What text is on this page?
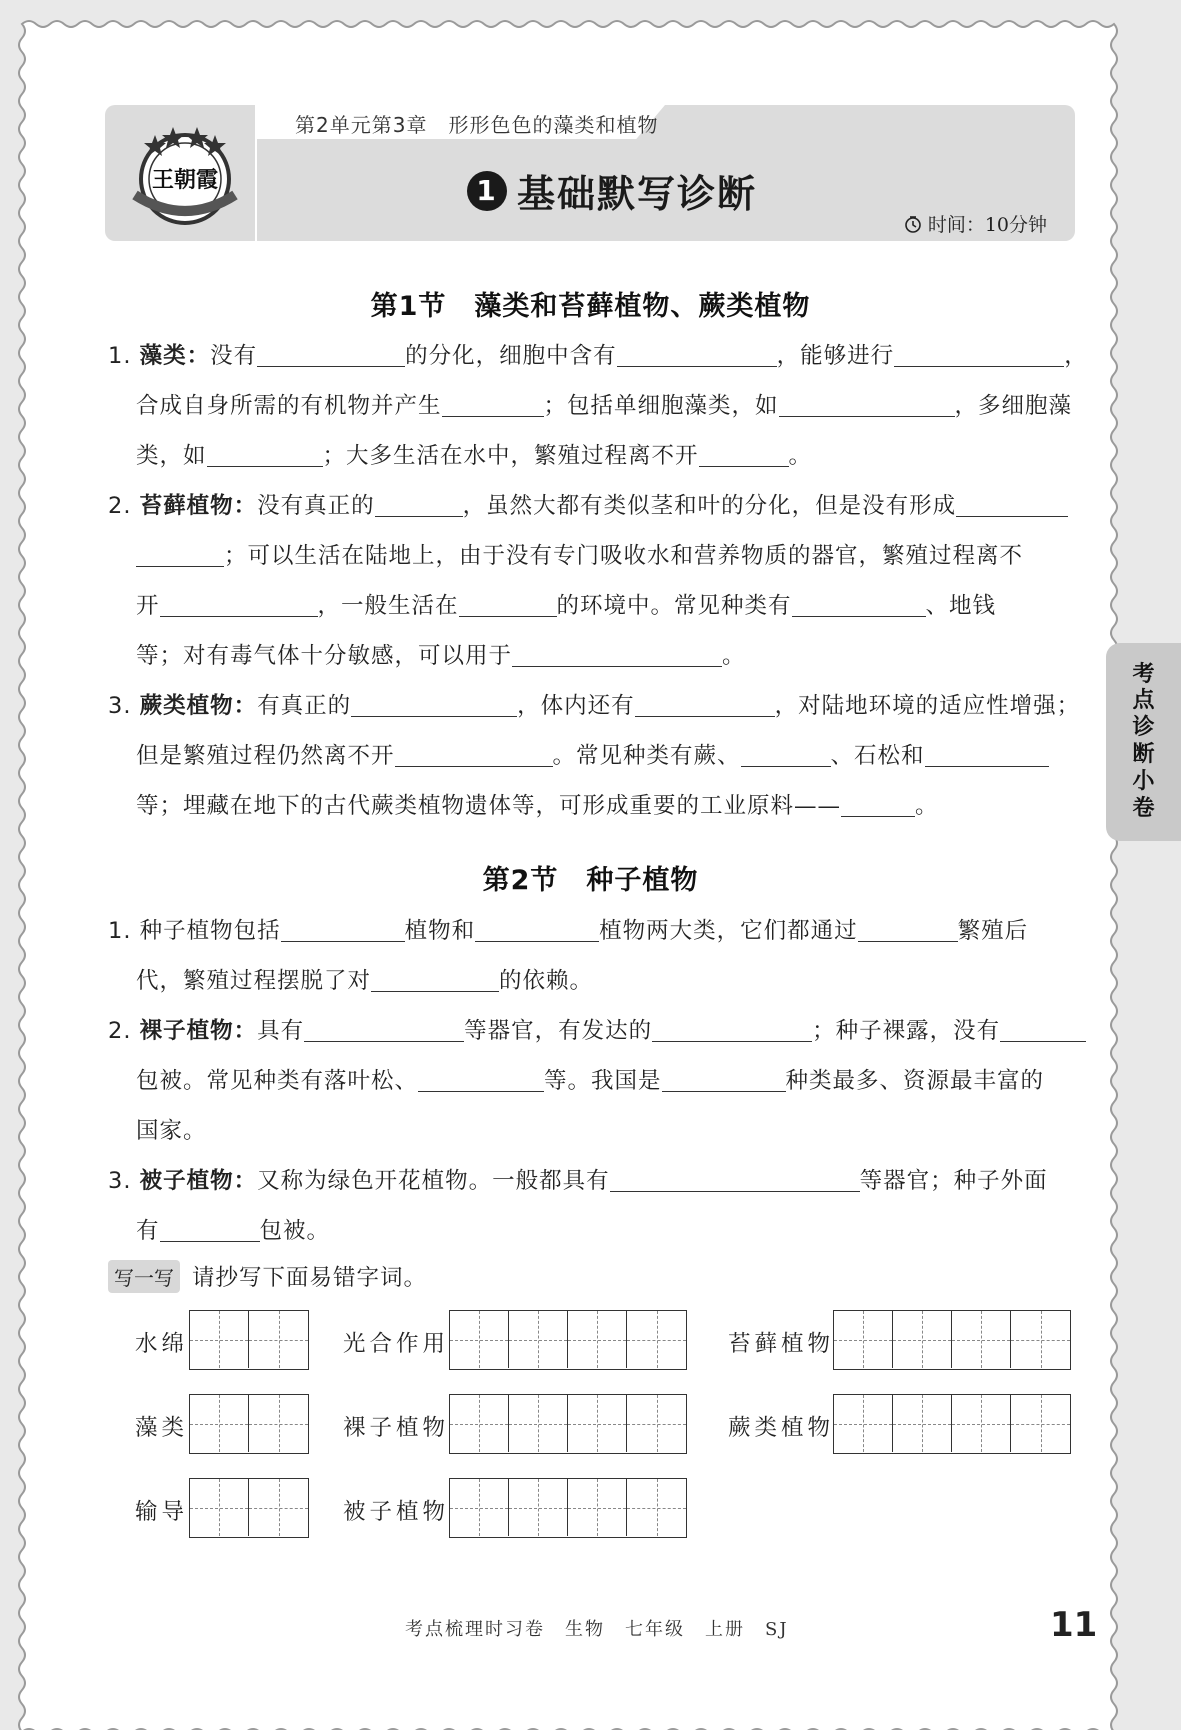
第2单元第3章　形形色色的藻类和植物
王朝霞	1 基础默写诊断
时间：10分钟
第1节　藻类和苔藓植物、蕨类植物
1. 藻类：没有	的分化，细胞中含有	，能够进行	，
合成自身所需的有机物并产生	；包括单细胞藻类，如	，多细胞藻
类，如	；大多生活在水中，繁殖过程离不开	。
2. 苔藓植物：没有真正的	，虽然大都有类似茎和叶的分化，但是没有形成
；可以生活在陆地上，由于没有专门吸收水和营养物质的器官，繁殖过程离不
开	，一般生活在	的环境中。常见种类有	、地钱
等；对有毒气体十分敏感，可以用于	。
3. 蕨类植物：有真正的	，体内还有	，对陆地环境的适应性增强；
但是繁殖过程仍然离不开	。常见种类有蕨、	、石松和
等；埋藏在地下的古代蕨类植物遗体等，可形成重要的工业原料——	。
第2节　种子植物
1. 种子植物包括	植物和	植物两大类，它们都通过	繁殖后
代，繁殖过程摆脱了对	的依赖。
2. 裸子植物：具有	等器官，有发达的	；种子裸露，没有
包被。常见种类有落叶松、	等。我国是	种类最多、资源最丰富的
国家。
3. 被子植物：又称为绿色开花植物。一般都具有	等器官；种子外面
有	包被。
写一写 请抄写下面易错字词。
水绵	光合作用	苔藓植物
藻类	裸子植物	蕨类植物
输导	被子植物
考
点
诊
断
小
卷
考点梳理时习卷　生物　七年级　上册　SJ	11
